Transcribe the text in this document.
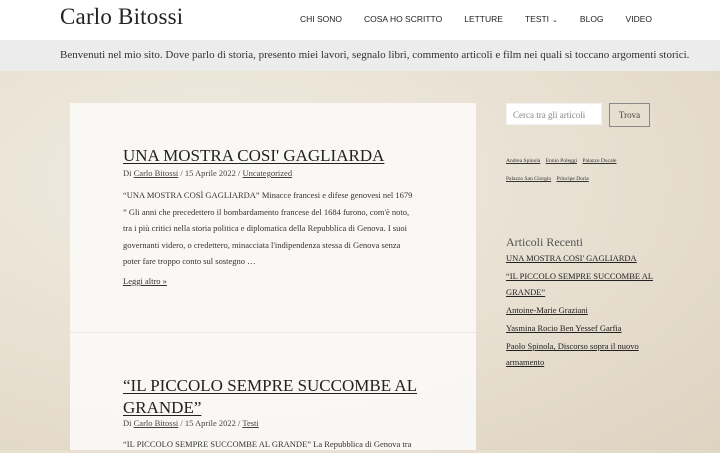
Carlo Bitossi	CHI SONO	COSA HO SCRITTO	LETTURE	TESTI ⌄	BLOG	VIDEO
Benvenuti nel mio sito. Dove parlo di storia, presento miei lavori, segnalo libri, commento articoli e film nei quali si toccano argomenti storici.
UNA MOSTRA COSI' GAGLIARDA
Di Carlo Bitossi / 15 Aprile 2022 / Uncategorized
“UNA MOSTRA COSÌ GAGLIARDA” Minacce francesi e difese genovesi nel 1679 ” Gli anni che precedettero il bombardamento francese del 1684 furono, com'è noto, tra i più critici nella storia politica e diplomatica della Repubblica di Genova. I suoi governanti videro, o credettero, minacciata l'indipendenza stessa di Genova senza poter fare troppo conto sul sostegno …
Leggi altro »
“IL PICCOLO SEMPRE SUCCOMBE AL GRANDE”
Di Carlo Bitossi / 15 Aprile 2022 / Testi
“IL PICCOLO SEMPRE SUCCOMBE AL GRANDE” La Repubblica di Genova tra
Cerca tra gli articoli	Trova
Andrea Spinola Ennio Poleggi Palazzo Ducale
Palazzo San Giorgio Principe Doria
Articoli Recenti
UNA MOSTRA COSI' GAGLIARDA
“IL PICCOLO SEMPRE SUCCOMBE AL GRANDE”
Antoine-Marie Graziani
Yasmina Rocio Ben Yessef Garfia
Paolo Spinola, Discorso sopra il nuovo armamento
